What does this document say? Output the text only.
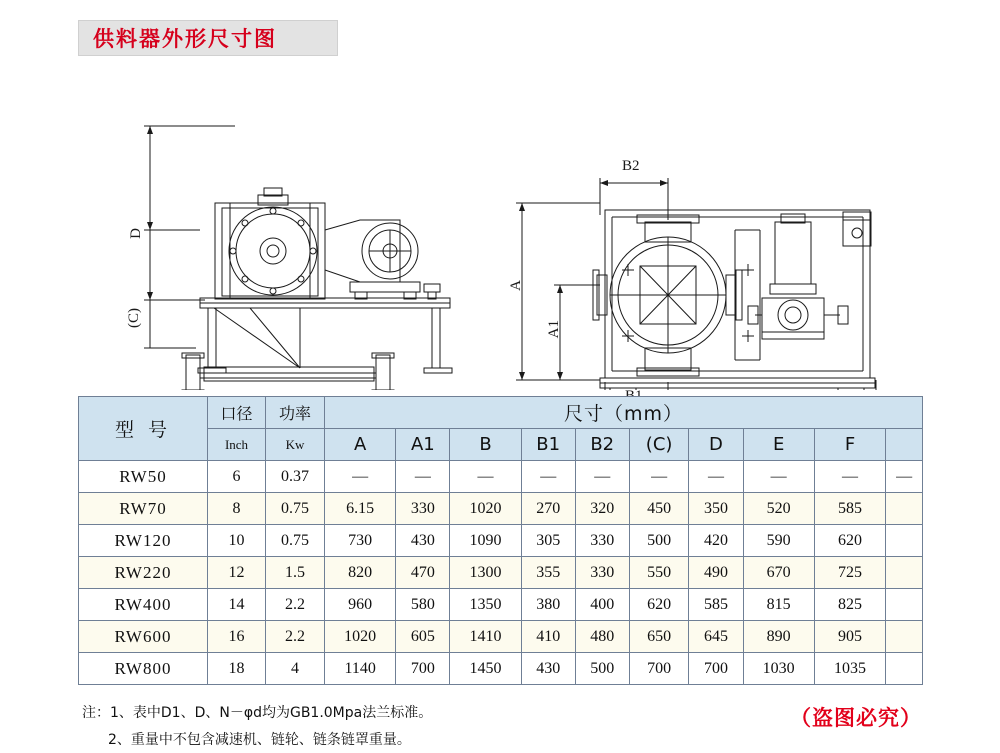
供料器外形尺寸图
D
(C)
B2
A
A1
型 号	口径	功率	尺寸（mm）									

	Inch	Kw	A	A1	B	B1	B2	(C)	D	E	F	
RW50	6	0.37	—	—	—	—	—	—	—	—	—	—
RW70	8	0.75	6.15	330	1020	270	320	450	350	520	585	
RW120	10	0.75	730	430	1090	305	330	500	420	590	620	
RW220	12	1.5	820	470	1300	355	330	550	490	670	725	
RW400	14	2.2	960	580	1350	380	400	620	585	815	825	
RW600	16	2.2	1020	605	1410	410	480	650	645	890	905	
RW800	18	4	1140	700	1450	430	500	700	700	1030	1035	
注：1、表中D1、D、N－φd均为GB1.0Mpa法兰标准。
2、重量中不包含减速机、链轮、链条链罩重量。
（盗图必究）
